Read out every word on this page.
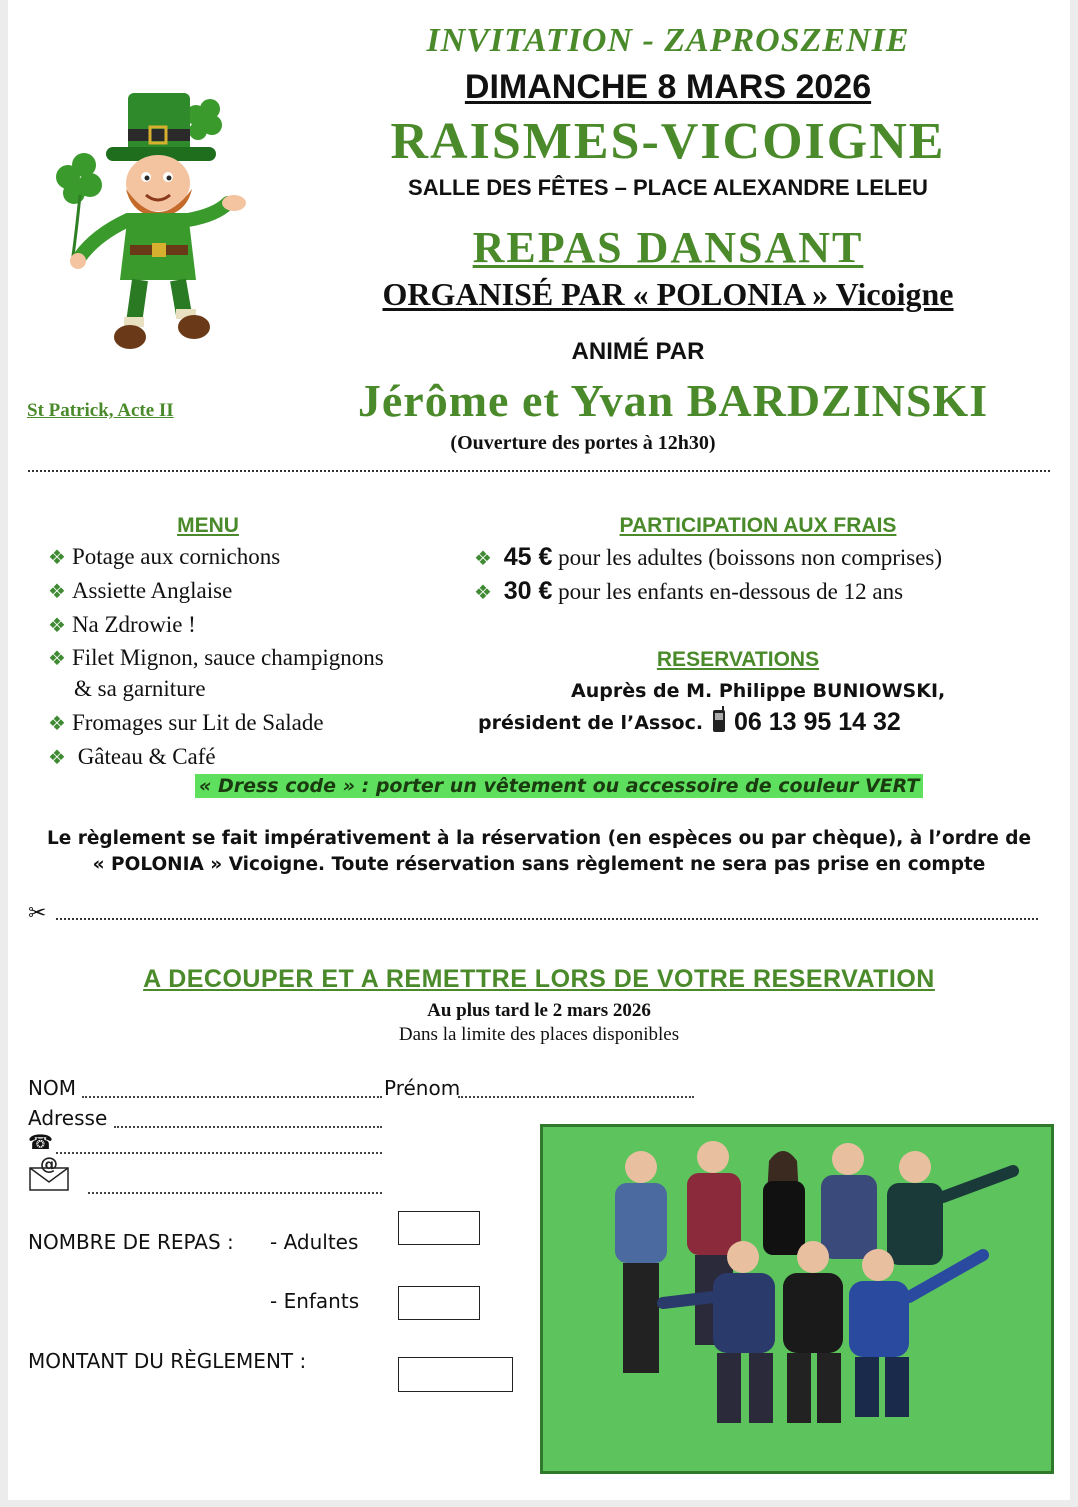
INVITATION - ZAPROSZENIE
DIMANCHE 8 MARS 2026
RAISMES-VICOIGNE
SALLE DES FÊTES – PLACE ALEXANDRE LELEU
REPAS DANSANT
ORGANISÉ PAR « POLONIA » Vicoigne
ANIMÉ PAR
St Patrick, Acte II	Jérôme et Yvan BARDZINSKI
(Ouverture des portes à 12h30)
MENU
❖ Potage aux cornichons
❖ Assiette Anglaise
❖ Na Zdrowie !
❖ Filet Mignon, sauce champignons
& sa garniture
❖ Fromages sur Lit de Salade
❖ Gâteau & Café
PARTICIPATION AUX FRAIS
❖ 45 € pour les adultes (boissons non comprises)
❖ 30 € pour les enfants en-dessous de 12 ans
RESERVATIONS
Auprès de M. Philippe BUNIOWSKI,
président de l’Assoc. 06 13 95 14 32
« Dress code » : porter un vêtement ou accessoire de couleur VERT
Le règlement se fait impérativement à la réservation (en espèces ou par chèque), à l’ordre de
« POLONIA » Vicoigne. Toute réservation sans règlement ne sera pas prise en compte
✂
A DECOUPER ET A REMETTRE LORS DE VOTRE RESERVATION
Au plus tard le 2 mars 2026
Dans la limite des places disponibles
NOM	Prénom
Adresse
☎
@
NOMBRE DE REPAS : - Adultes
- Enfants
MONTANT DU RÈGLEMENT :
